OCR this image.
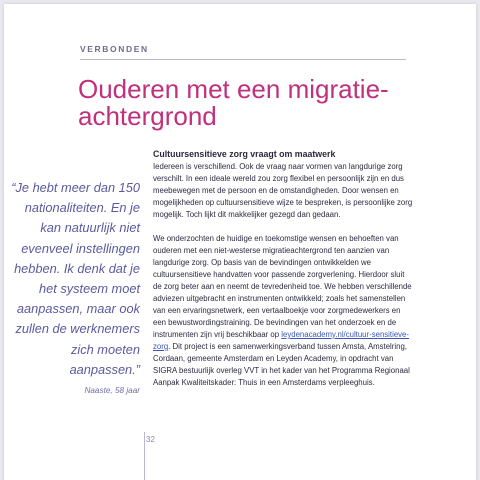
VERBONDEN
Ouderen met een migratie-achtergrond

“Je hebt meer dan 150 nationaliteiten. En je kan natuurlijk niet evenveel instellingen hebben. Ik denk dat je het systeem moet aanpassen, maar ook zullen de werknemers zich moeten aanpassen.”

Naaste, 58 jaar

Cultuursensitieve zorg vraagt om maatwerk

Iedereen is verschillend. Ook de vraag naar vormen van langdurige zorg verschilt. In een ideale wereld zou zorg flexibel en persoonlijk zijn en dus meebewegen met de persoon en de omstandigheden. Door wensen en mogelijkheden op cultuursensitieve wijze te bespreken, is persoonlijke zorg mogelijk. Toch lijkt dit makkelijker gezegd dan gedaan.

We onderzochten de huidige en toekomstige wensen en behoeften van ouderen met een niet-westerse migratieachtergrond ten aanzien van langdurige zorg. Op basis van de bevindingen ontwikkelden we cultuursensitieve handvatten voor passende zorgverlening. Hierdoor sluit de zorg beter aan en neemt de tevredenheid toe. We hebben verschillende adviezen uitgebracht en instrumenten ontwikkeld; zoals het samenstellen van een ervaringsnetwerk, een vertaalboekje voor zorgmedewerkers en een bewustwordingstraining. De bevindingen van het onderzoek en de instrumenten zijn vrij beschikbaar op leydenacademy.nl/cultuur-sensitieve-zorg. Dit project is een samenwerkingsverband tussen Amsta, Amstelring, Cordaan, gemeente Amsterdam en Leyden Academy, in opdracht van SIGRA bestuurlijk overleg VVT in het kader van het Programma Regionaal Aanpak Kwaliteitskader: Thuis in een Amsterdams verpleeghuis.

32
